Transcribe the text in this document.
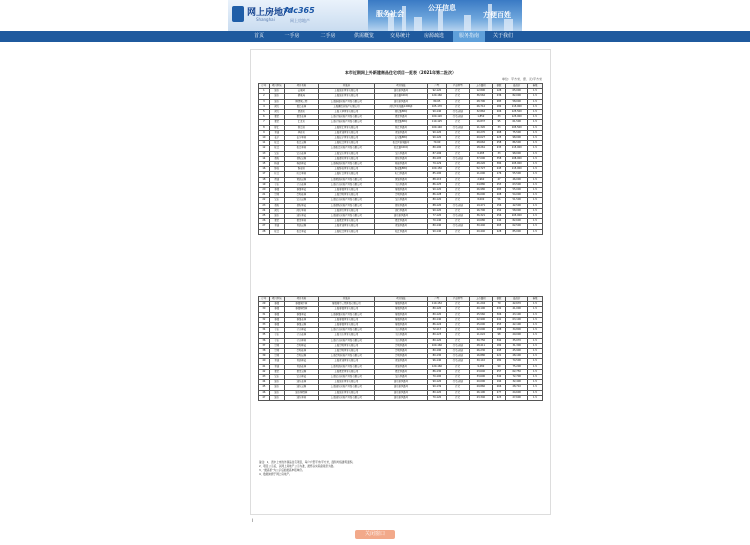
网上房地产
Shanghai
fdc365
网上房地产
服务社会
公开信息
方便百姓
首页	一手房	二手房	供需概览	交易统计	房源疏选	服务指南	关于我们
本市近期网上外新建商品住宅项目一览表（2021年第二批次）
单位：平方米、套、元/平方米
序号	项目区域	项目名称	开发商	项目地址	户型	产品类型	上市面积	套数	最高价	备案
1	浦东	云景园	上海浦东置业有限公司	浦东新区路号	92-120	住宅	12,890	128	65,000	1.5
2	浦东	御景湾	上海浦东置业有限公司	浦东路100号	120-160	住宅	36,562	236	82,000	1.5
3	浦东	锦绣城三期	上海滨海房地产开发有限公司	浦东新区路号	80-95	住宅	28,790	283	58,000	1.5
4	闵行	都汇花园	上海建信房地产有限公司	闵行区虹梅路1200弄	105-170	住宅	26,712	182	115,000	1.5
5	闵行	翠湖苑	上海大华置业有限公司	闵行路88号	90-140	住宅,商铺	32,862	206	125,500	1.5
6	嘉定	嘉定花园	上海金地房地产开发有限公司	嘉定区路号	100-120	住宅,商铺	1,850	33	125,000	1.5
7	嘉定	汇龙苑	上海金地房地产开发有限公司	嘉定路88号	110-125	住宅	16,837	95	61,500	1.5
8	徐汇	徐汇府	上海徐汇置业有限公司	徐汇区路号	100-140	住宅,商铺	11,320	33	105,500	1.5
9	青浦	华府苑	上海青浦置业有限公司	青浦区路号	90-120	住宅	20,270	268	75,500	1.5
10	长宁	长宁华府	上海长宁置业有限公司	长宁路88号	90-120	住宅	20,027	225	98,000	1.5
11	松江	松江云锦	上海松江置业有限公司	松江区新城路号	70-99	住宅	28,662	258	86,500	1.5
12	松江	松江华府	上海松江房地产开发有限公司	松江路100号	80-100	住宅	18,261	233	115,000	1.5
13	宝山	宝山花园	上海宝山置业有限公司	宝山区路号	87-106	住宅	6,285	33	98,000	1.5
14	普陀	普陀云锦	上海普陀置业有限公司	普陀区路号	89-105	住宅,商铺	37,000	358	108,000	1.5
15	杨浦	杨浦华庭	上海杨浦房地产开发有限公司	杨浦区路号	79-129	住宅	48,226	384	105,000	1.5
16	静安	静安府	上海静安置业有限公司	静安路88号	100-150	住宅	52,727	245	115,000	1.5
17	虹口	虹口华府	上海虹口置业有限公司	虹口区路号	85-100	住宅	11,000	176	55,500	1.5
18	黄浦	黄浦云锦	上海黄浦房地产开发有限公司	黄浦区路号	88-115	住宅	2,960	47	46,000	1.5
19	金山	金山花园	上海金山房地产开发有限公司	金山区路号	86-125	住宅	24,880	253	63,500	1.5
20	奉贤	奉贤华庭	上海奉贤置业有限公司	奉贤区路号	90-120	住宅	26,980	283	55,000	1.5
21	崇明	崇明花园	上海崇明置业有限公司	崇明区路号	86-128	住宅	36,000	208	54,000	1.5
22	宝山	宝山云锦	上海宝山房地产开发有限公司	宝山区路号	80-120	住宅	8,000	56	51,500	1.5
23	普陀	普陀华庭	上海普陀房地产开发有限公司	普陀区路号	88-120	住宅,商铺	19,471	156	42,500	1.5
24	闵行	闵行华府	上海闵行置业有限公司	闵行区路号	90-120	住宅	16,700	152	58,000	1.5
25	浦东	浦东华庭	上海浦东房地产开发有限公司	浦东新区路号	77-120	住宅,商铺	36,321	256	105,000	1.5
26	嘉定	嘉定华府	上海嘉定置业有限公司	嘉定区路号	70-140	住宅	10,680	144	82,600	1.5
27	青浦	青浦云锦	上海青浦置业有限公司	青浦区路号	80-140	住宅,商铺	30,440	265	62,500	1.5
28	松江	松江华庭	上海松江置业有限公司	松江区路号	90-140	住宅	20,440	228	85,000	1.5
序号	项目区域	项目名称	开发商	项目地址	户型	产品类型	上市面积	套数	最高价	备案
29	奉贤	奉贤城中园	奉贤城中三期开发有限公司	奉贤区路号	110-152	住宅	21,204	79	42,670	1.5
30	奉贤	奉贤锦绣园	上海奉贤置业有限公司	奉贤区路号	80-120	住宅	40,100	432	41,000	1.5
31	奉贤	奉贤华庭	上海奉贤房地产开发有限公司	奉贤区路号	80-120	住宅	25,560	306	43,100	1.5
32	奉贤	奉贤花园	上海奉贤置业有限公司	奉贤区路号	80-140	住宅	22,900	241	63,100	1.5
33	奉贤	奉贤云锦	上海奉贤置业有限公司	奉贤区路号	86-124	住宅	25,000	253	42,100	1.5
34	金山	金山华庭	上海金山房地产开发有限公司	金山区路号	72-117	住宅	22,000	188	34,800	1.5
35	金山	金山花园	上海金山置业有限公司	金山区路号	80-123	住宅	11,022	98	29,000	1.5
36	金山	金山华府	上海金山房地产开发有限公司	金山区路号	80-120	住宅	30,750	392	35,070	1.5
37	崇明	崇明华庭	上海崇明置业有限公司	崇明区路号	100-160	住宅,商铺	28,411	182	31,300	1.5
38	崇明	崇明花园	上海崇明置业有限公司	崇明区路号	80-190	住宅,商铺	26,230	295	45,900	1.5
39	崇明	崇明云锦	上海崇明房地产开发有限公司	崇明区路号	80-130	住宅,商铺	16,880	221	28,100	1.5
40	青浦	青浦华庭	上海青浦置业有限公司	青浦区路号	96-140	住宅,商铺	30,110	182	74,500	1.5
41	青浦	青浦花园	上海青浦房地产开发有限公司	青浦区路号	120-160	住宅	9,280	90	75,200	1.5
42	嘉定	嘉定云锦	上海嘉定置业有限公司	嘉定区路号	86-130	住宅	23,640	257	62,750	1.5
43	宝山	宝山华庭	上海宝山房地产开发有限公司	宝山区路号	70-100	住宅	33,600	342	72,700	1.5
44	浦东	浦东花园	上海浦东置业有限公司	浦东新区路号	90-120	住宅,商铺	20,000	194	32,400	1.5
45	浦东	浦东云锦	上海浦东房地产开发有限公司	浦东新区路号	90-139	住宅	29,860	266	28,710	1.5
46	浦东	浦东锦绣园	上海浦东置业有限公司	浦东新区路号	80-120	住宅	26,190	277	24,600	1.5
47	浦东	浦东华府	上海浦东房地产开发有限公司	浦东新区路号	70-120	住宅	23,340	223	27,600	1.5
备注：1、表中上市的外商品住宅项目，每户户型平米/平方米，面积均指建筑面积。
2、项目公示后，以网上房地产公示为准，最终以实际备案价为准。
3、"最高价"为公示后的最高申报单价。
4、数据来源于网上房地产。
I
关闭窗口
